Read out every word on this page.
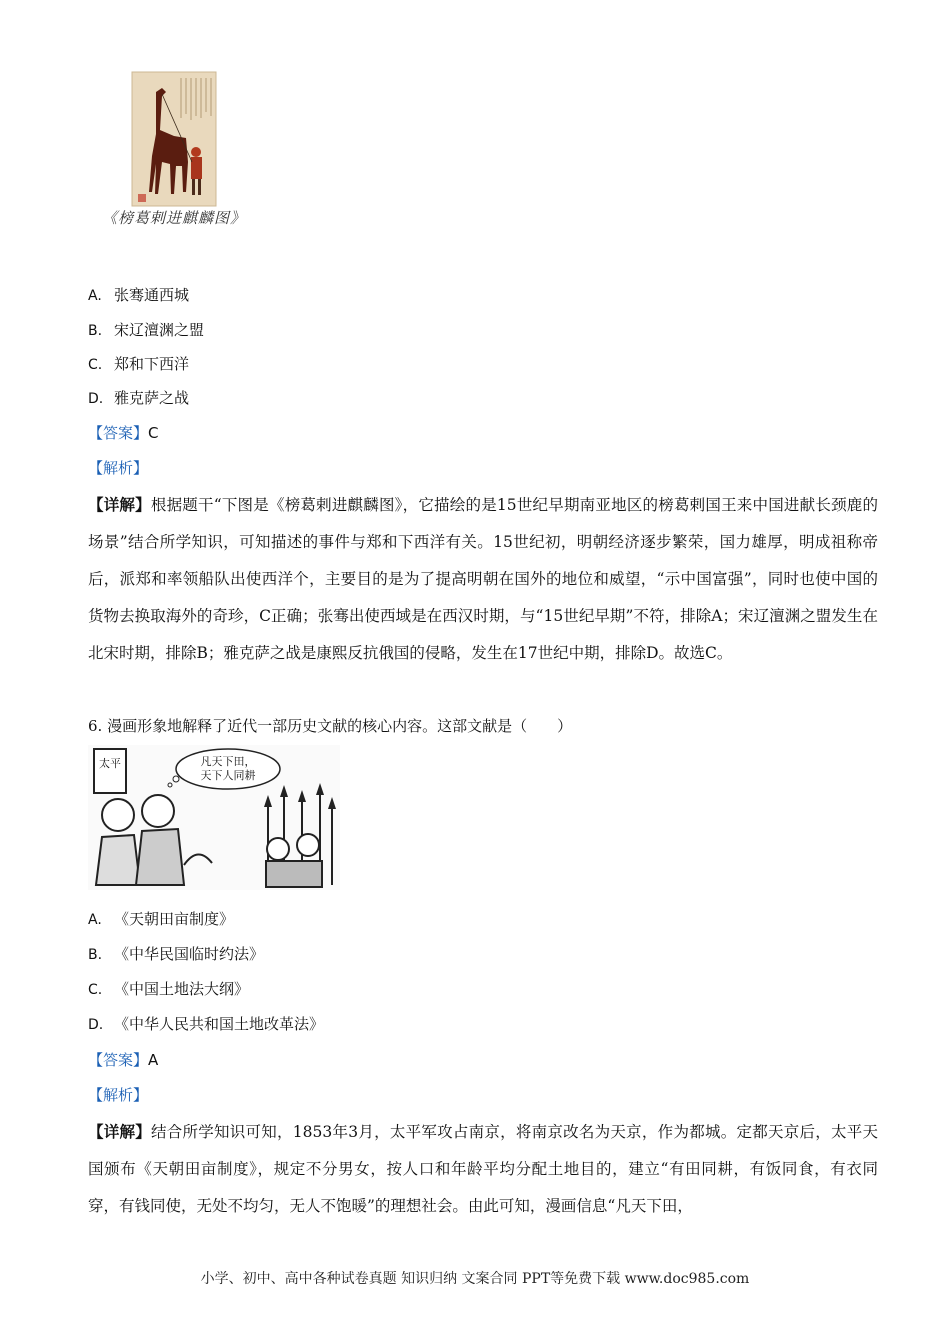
《榜葛剌进麒麟图》
A. 张骞通西城
B. 宋辽澶渊之盟
C. 郑和下西洋
D. 雅克萨之战
【答案】C
【解析】
【详解】根据题干“下图是《榜葛剌进麒麟图》，它描绘的是15世纪早期南亚地区的榜葛剌国王来中国进献长颈鹿的场景”结合所学知识，可知描述的事件与郑和下西洋有关。15世纪初，明朝经济逐步繁荣，国力雄厚，明成祖称帝后，派郑和率领船队出使西洋个，主要目的是为了提高明朝在国外的地位和威望，“示中国富强”，同时也使中国的货物去换取海外的奇珍，C正确；张骞出使西域是在西汉时期，与“15世纪早期”不符，排除A；宋辽澶渊之盟发生在北宋时期，排除B；雅克萨之战是康熙反抗俄国的侵略，发生在17世纪中期，排除D。故选C。
6. 漫画形象地解释了近代一部历史文献的核心内容。这部文献是（　　）
太平	凡天下田，
天下人同耕
A. 《天朝田亩制度》
B. 《中华民国临时约法》
C. 《中国土地法大纲》
D. 《中华人民共和国土地改革法》
【答案】A
【解析】
【详解】结合所学知识可知，1853年3月，太平军攻占南京，将南京改名为天京，作为都城。定都天京后，太平天国颁布《天朝田亩制度》，规定不分男女，按人口和年龄平均分配土地目的，建立“有田同耕，有饭同食，有衣同穿，有钱同使，无处不均匀，无人不饱暖”的理想社会。由此可知，漫画信息“凡天下田，
小学、初中、高中各种试卷真题 知识归纳 文案合同 PPT等免费下载 www.doc985.com
